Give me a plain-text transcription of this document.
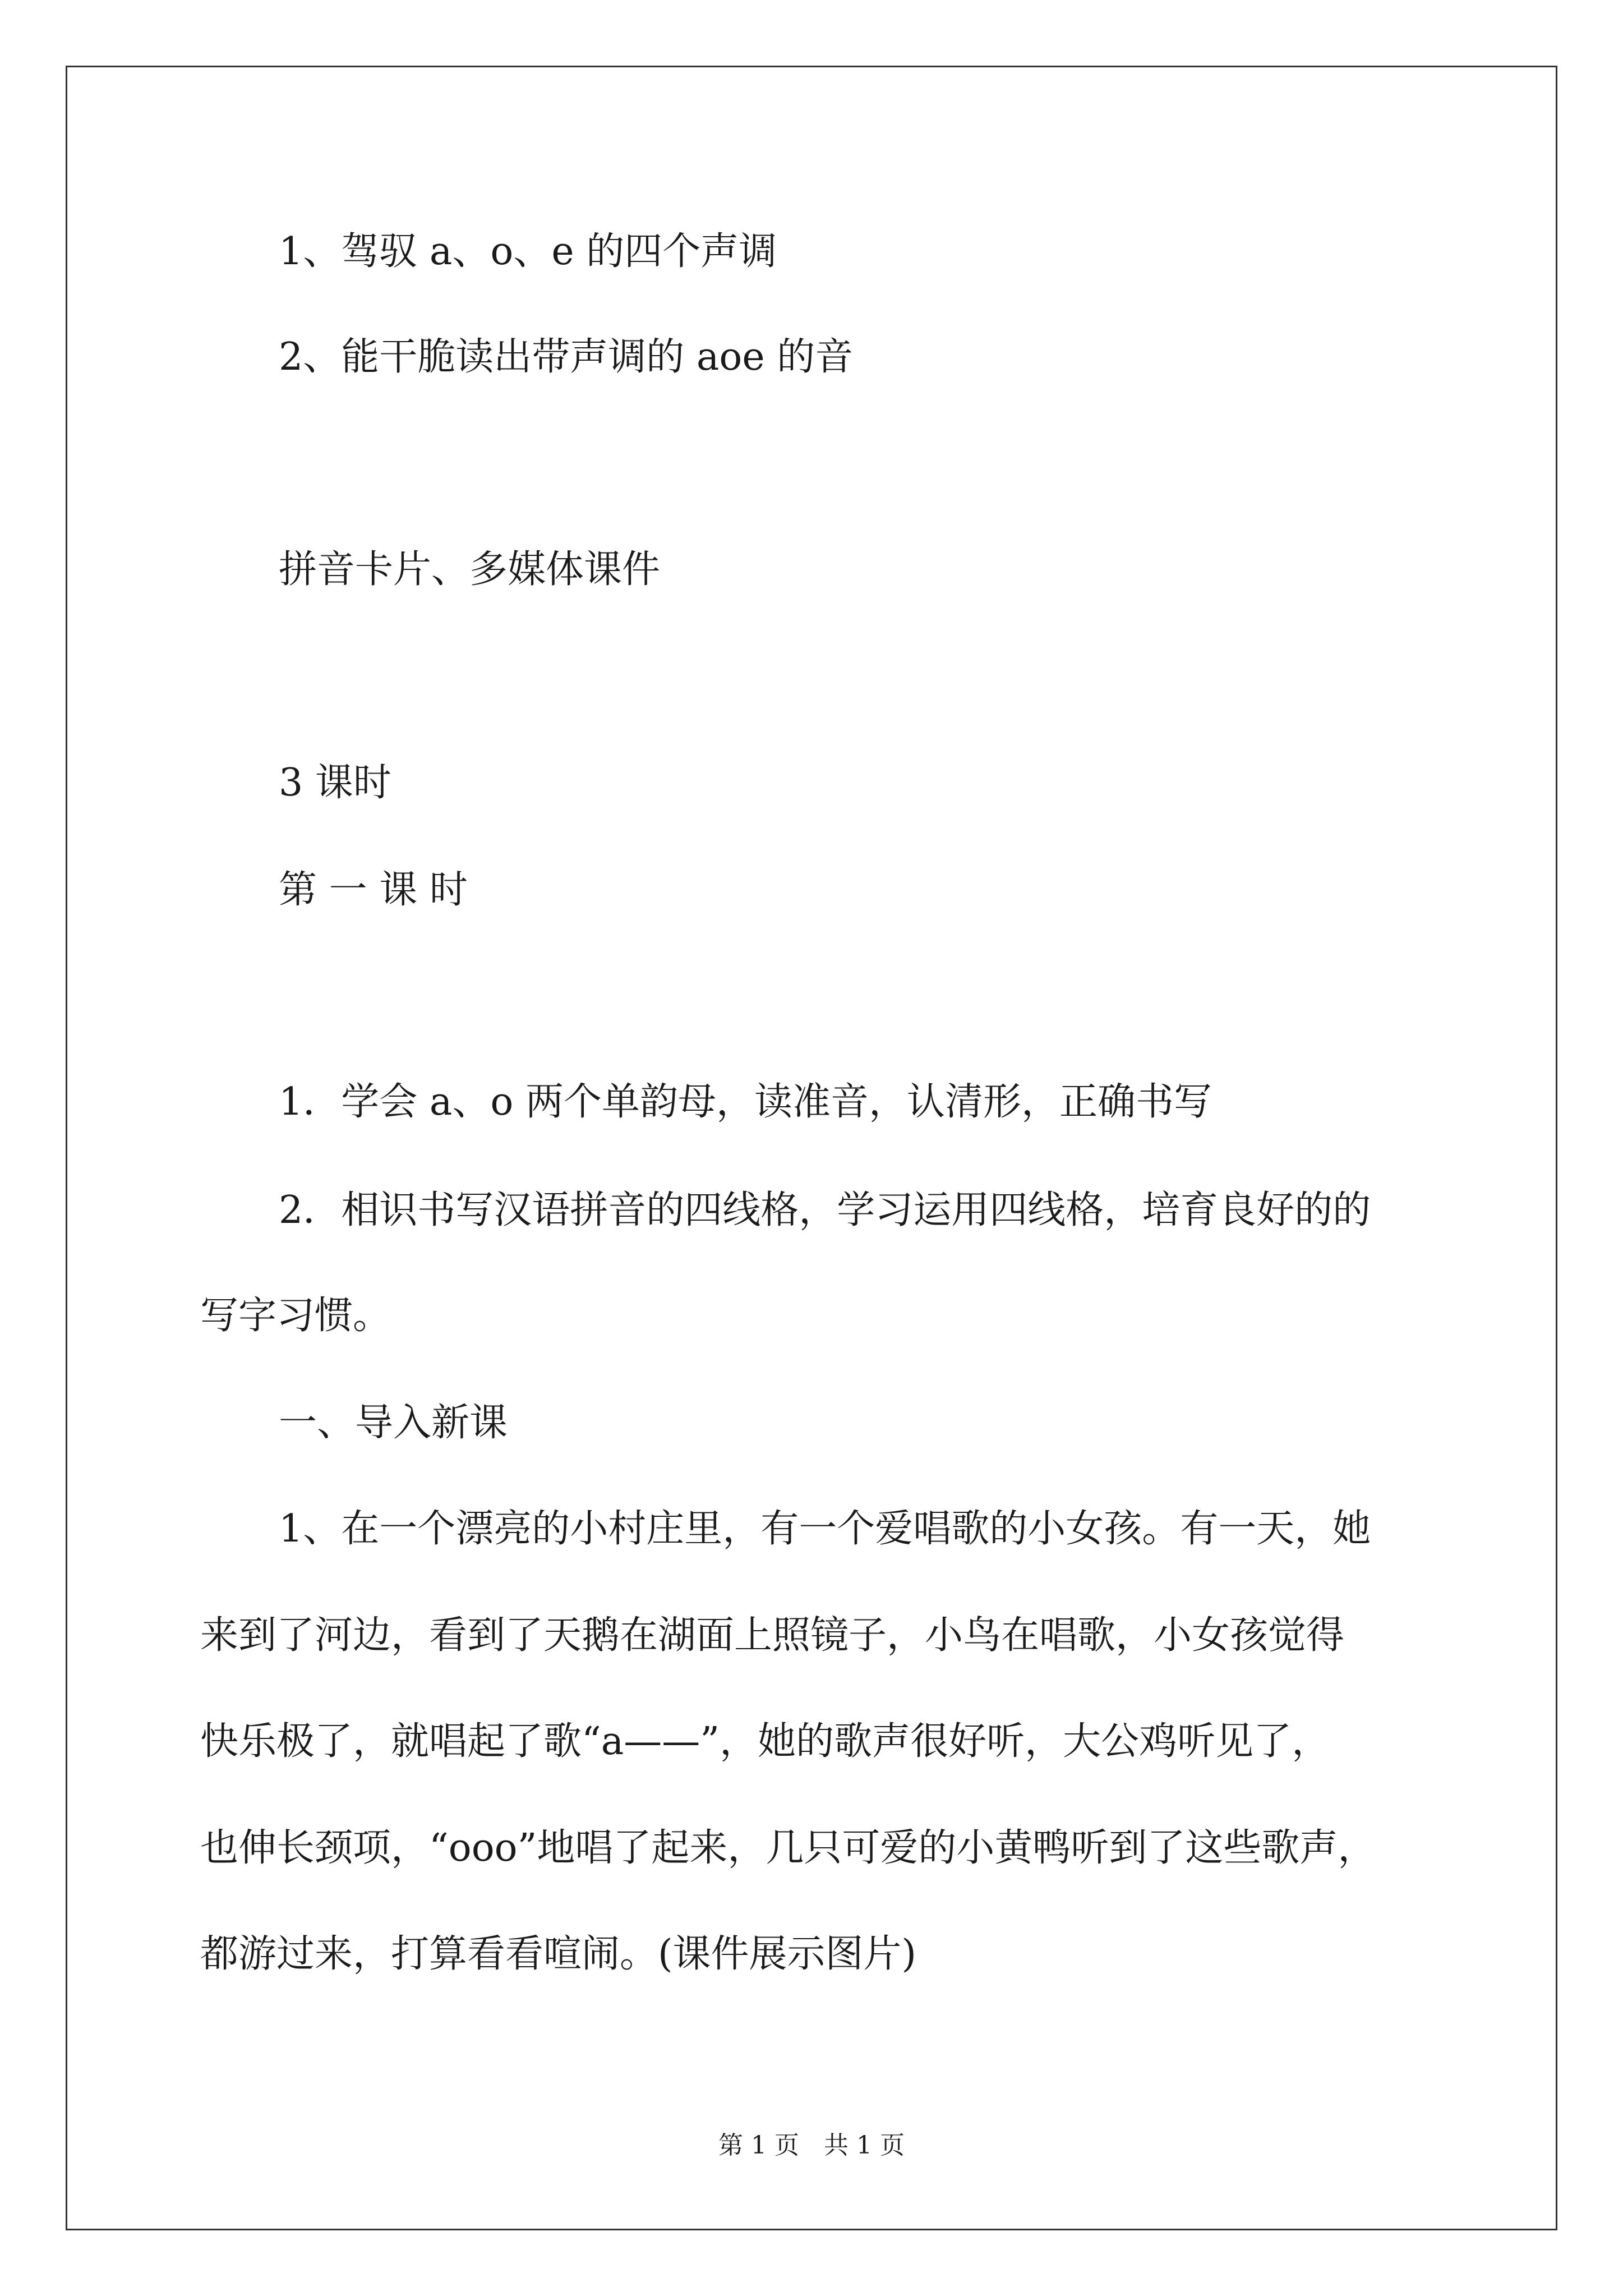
1、驾驭 a、o、e 的四个声调
2、能干脆读出带声调的 aoe 的音
拼音卡片、多媒体课件
3 课时
第 一 课 时
1．学会 a、o 两个单韵母，读准音，认清形，正确书写
2．相识书写汉语拼音的四线格，学习运用四线格，培育良好的的
写字习惯。
一、导入新课
1、在一个漂亮的小村庄里，有一个爱唱歌的小女孩。有一天，她
来到了河边，看到了天鹅在湖面上照镜子，小鸟在唱歌，小女孩觉得
快乐极了，就唱起了歌“a——”，她的歌声很好听，大公鸡听见了，
也伸长颈项，“ooo”地唱了起来，几只可爱的小黄鸭听到了这些歌声，
都游过来，打算看看喧闹。(课件展示图片)
第 1 页　共 1 页
